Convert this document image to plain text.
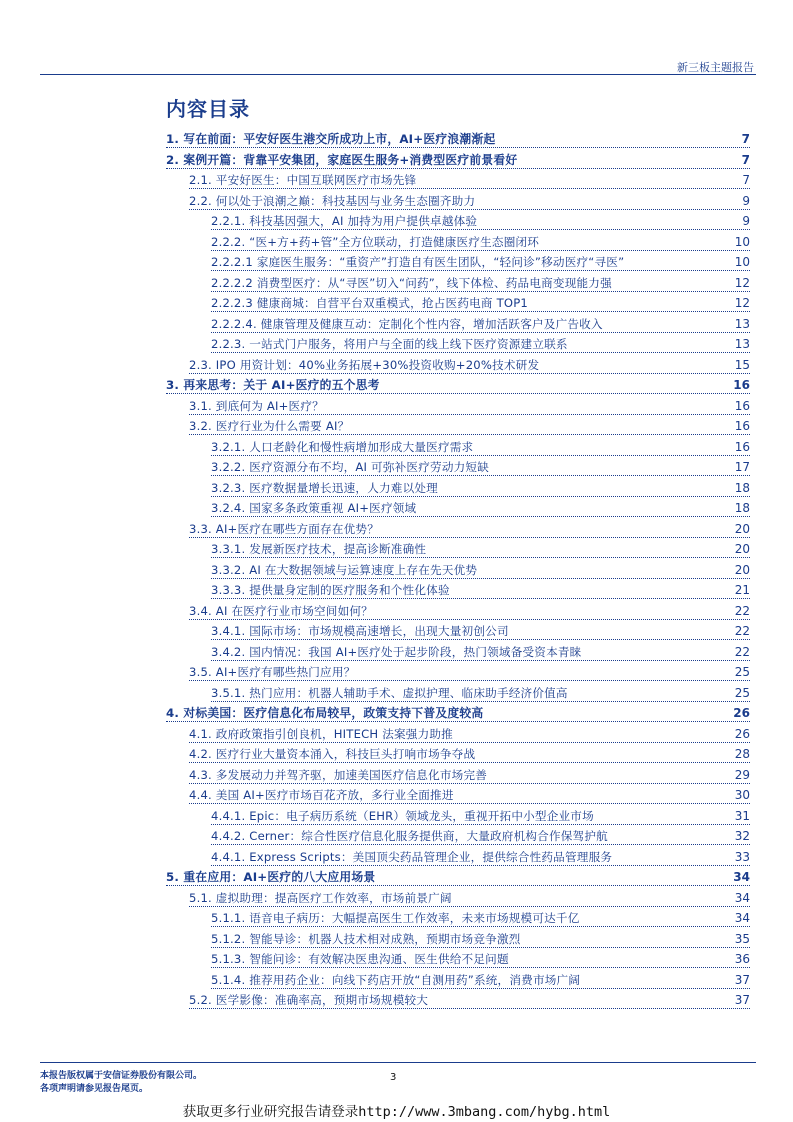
新三板主题报告
内容目录
1. 写在前面：平安好医生港交所成功上市，AI+医疗浪潮渐起	7
2. 案例开篇：背靠平安集团，家庭医生服务+消费型医疗前景看好	7
2.1. 平安好医生：中国互联网医疗市场先锋	7
2.2. 何以处于浪潮之巅：科技基因与业务生态圈齐助力	9
2.2.1. 科技基因强大，AI 加持为用户提供卓越体验	9
2.2.2. “医+方+药+管”全方位联动，打造健康医疗生态圈闭环	10
2.2.2.1 家庭医生服务：“重资产”打造自有医生团队，“轻问诊”移动医疗“寻医”	10
2.2.2.2 消费型医疗：从“寻医”切入“问药”，线下体检、药品电商变现能力强	12
2.2.2.3 健康商城：自营平台双重模式，抢占医药电商 TOP1	12
2.2.2.4. 健康管理及健康互动：定制化个性内容，增加活跃客户及广告收入	13
2.2.3. 一站式门户服务，将用户与全面的线上线下医疗资源建立联系	13
2.3. IPO 用资计划：40%业务拓展+30%投资收购+20%技术研发	15
3. 再来思考：关于 AI+医疗的五个思考	16
3.1. 到底何为 AI+医疗？	16
3.2. 医疗行业为什么需要 AI？	16
3.2.1. 人口老龄化和慢性病增加形成大量医疗需求	16
3.2.2. 医疗资源分布不均，AI 可弥补医疗劳动力短缺	17
3.2.3. 医疗数据量增长迅速，人力难以处理	18
3.2.4. 国家多条政策重视 AI+医疗领域	18
3.3. AI+医疗在哪些方面存在优势？	20
3.3.1. 发展新医疗技术，提高诊断准确性	20
3.3.2. AI 在大数据领域与运算速度上存在先天优势	20
3.3.3. 提供量身定制的医疗服务和个性化体验	21
3.4. AI 在医疗行业市场空间如何？	22
3.4.1. 国际市场：市场规模高速增长，出现大量初创公司	22
3.4.2. 国内情况：我国 AI+医疗处于起步阶段，热门领域备受资本青睐	22
3.5. AI+医疗有哪些热门应用？	25
3.5.1. 热门应用：机器人辅助手术、虚拟护理、临床助手经济价值高	25
4. 对标美国：医疗信息化布局较早，政策支持下普及度较高	26
4.1. 政府政策指引创良机，HITECH 法案强力助推	26
4.2. 医疗行业大量资本涌入，科技巨头打响市场争夺战	28
4.3. 多发展动力并驾齐驱，加速美国医疗信息化市场完善	29
4.4. 美国 AI+医疗市场百花齐放，多行业全面推进	30
4.4.1. Epic：电子病历系统（EHR）领域龙头，重视开拓中小型企业市场	31
4.4.2. Cerner：综合性医疗信息化服务提供商，大量政府机构合作保驾护航	32
4.4.1. Express Scripts：美国顶尖药品管理企业，提供综合性药品管理服务	33
5. 重在应用：AI+医疗的八大应用场景	34
5.1. 虚拟助理：提高医疗工作效率，市场前景广阔	34
5.1.1. 语音电子病历：大幅提高医生工作效率，未来市场规模可达千亿	34
5.1.2. 智能导诊：机器人技术相对成熟，预期市场竞争激烈	35
5.1.3. 智能问诊：有效解决医患沟通、医生供给不足问题	36
5.1.4. 推荐用药企业：向线下药店开放“自测用药”系统，消费市场广阔	37
5.2. 医学影像：准确率高，预期市场规模较大	37
本报告版权属于安信证券股份有限公司。
各项声明请参见报告尾页。
3
获取更多行业研究报告请登录http://www.3mbang.com/hybg.html
